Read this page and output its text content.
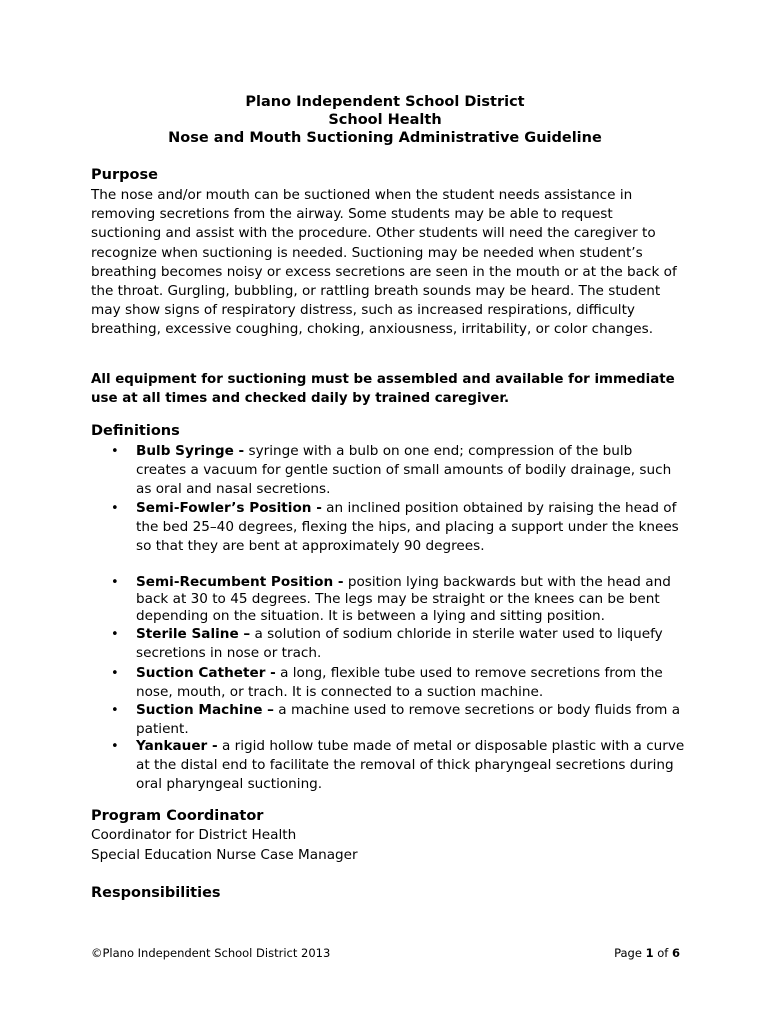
Plano Independent School District
School Health
Nose and Mouth Suctioning Administrative Guideline
Purpose
The nose and/or mouth can be suctioned when the student needs assistance in removing secretions from the airway. Some students may be able to request suctioning and assist with the procedure. Other students will need the caregiver to recognize when suctioning is needed. Suctioning may be needed when student’s breathing becomes noisy or excess secretions are seen in the mouth or at the back of the throat. Gurgling, bubbling, or rattling breath sounds may be heard. The student may show signs of respiratory distress, such as increased respirations, difficulty breathing, excessive coughing, choking, anxiousness, irritability, or color changes.
All equipment for suctioning must be assembled and available for immediate use at all times and checked daily by trained caregiver.
Definitions
• Bulb Syringe - syringe with a bulb on one end; compression of the bulb creates a vacuum for gentle suction of small amounts of bodily drainage, such as oral and nasal secretions.
• Semi-Fowler’s Position - an inclined position obtained by raising the head of the bed 25–40 degrees, flexing the hips, and placing a support under the knees so that they are bent at approximately 90 degrees.
• Semi-Recumbent Position - position lying backwards but with the head and back at 30 to 45 degrees. The legs may be straight or the knees can be bent depending on the situation. It is between a lying and sitting position.
• Sterile Saline – a solution of sodium chloride in sterile water used to liquefy secretions in nose or trach.
• Suction Catheter - a long, flexible tube used to remove secretions from the nose, mouth, or trach. It is connected to a suction machine.
• Suction Machine – a machine used to remove secretions or body fluids from a patient.
• Yankauer - a rigid hollow tube made of metal or disposable plastic with a curve at the distal end to facilitate the removal of thick pharyngeal secretions during oral pharyngeal suctioning.
Program Coordinator
Coordinator for District Health
Special Education Nurse Case Manager
Responsibilities
©Plano Independent School District 2013	Page 1 of 6
